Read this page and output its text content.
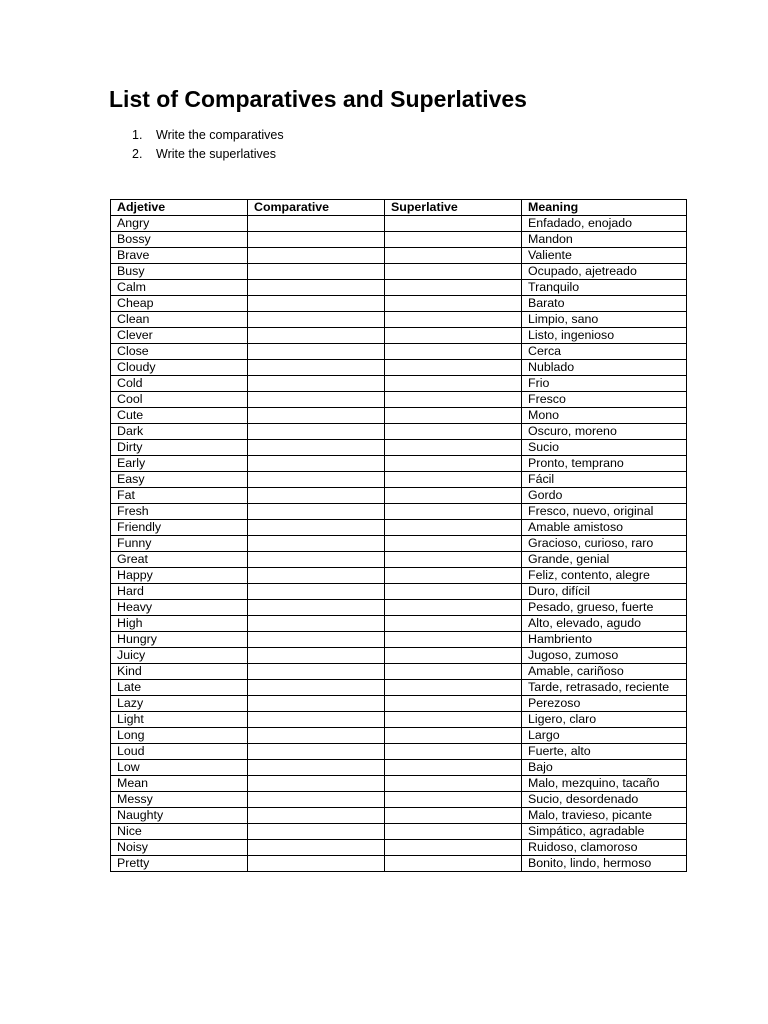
List of Comparatives and Superlatives
1. Write the comparatives
2. Write the superlatives
Adjetive	Comparative	Superlative	Meaning
Angry			Enfadado, enojado
Bossy			Mandon
Brave			Valiente
Busy			Ocupado, ajetreado
Calm			Tranquilo
Cheap			Barato
Clean			Limpio, sano
Clever			Listo, ingenioso
Close			Cerca
Cloudy			Nublado
Cold			Frio
Cool			Fresco
Cute			Mono
Dark			Oscuro, moreno
Dirty			Sucio
Early			Pronto, temprano
Easy			Fácil
Fat			Gordo
Fresh			Fresco, nuevo, original
Friendly			Amable amistoso
Funny			Gracioso, curioso, raro
Great			Grande, genial
Happy			Feliz, contento, alegre
Hard			Duro, difícil
Heavy			Pesado, grueso, fuerte
High			Alto, elevado, agudo
Hungry			Hambriento
Juicy			Jugoso, zumoso
Kind			Amable, cariñoso
Late			Tarde, retrasado, reciente
Lazy			Perezoso
Light			Ligero, claro
Long			Largo
Loud			Fuerte, alto
Low			Bajo
Mean			Malo, mezquino, tacaño
Messy			Sucio, desordenado
Naughty			Malo, travieso, picante
Nice			Simpático, agradable
Noisy			Ruidoso, clamoroso
Pretty			Bonito, lindo, hermoso
